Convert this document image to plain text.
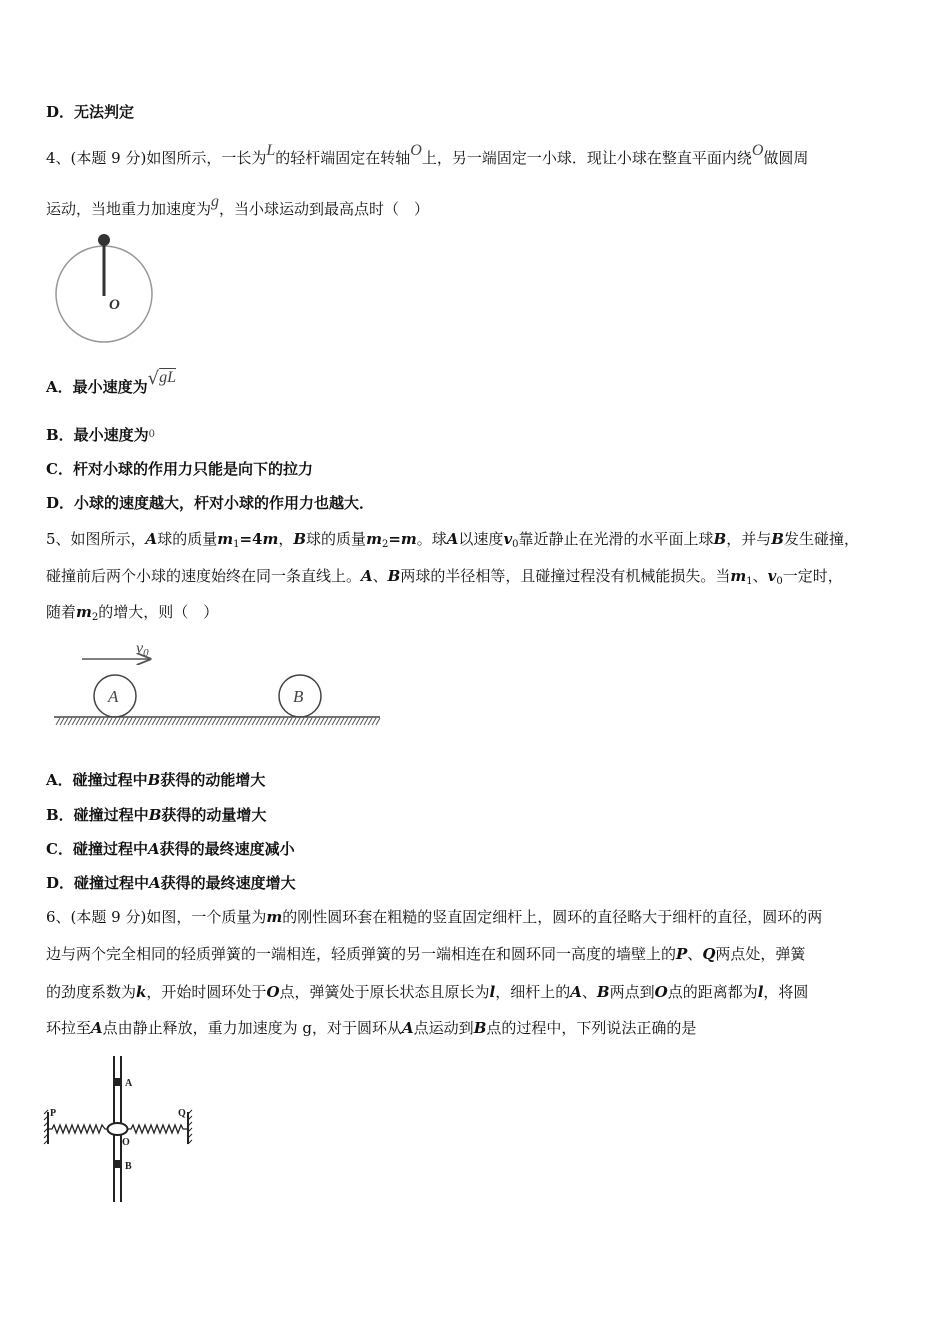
D．无法判定
4、(本题 9 分)如图所示，一长为L的轻杆端固定在转轴O上，另一端固定一小球．现让小球在整直平面内绕O做圆周
运动，当地重力加速度为g，当小球运动到最高点时（　）
O
A．最小速度为√gL
B．最小速度为$^0$
C．杆对小球的作用力只能是向下的拉力
D．小球的速度越大，杆对小球的作用力也越大．
5、如图所示，A球的质量$m_1=4m$，B球的质量$m_2=m$。球A以速度$v_0$靠近静止在光滑的水平面上球B，并与B发生碰撞，
碰撞前后两个小球的速度始终在同一条直线上。A、B两球的半径相等，且碰撞过程没有机械能损失。当$m_1$、$v_0$一定时，
随着$m_2$的增大，则（　）
v0
A	B
A．碰撞过程中B获得的动能增大
B．碰撞过程中B获得的动量增大
C．碰撞过程中A获得的最终速度减小
D．碰撞过程中A获得的最终速度增大
6、(本题 9 分)如图，一个质量为m的刚性圆环套在粗糙的竖直固定细杆上，圆环的直径略大于细杆的直径，圆环的两
边与两个完全相同的轻质弹簧的一端相连，轻质弹簧的另一端相连在和圆环同一高度的墙壁上的P、Q两点处，弹簧
的劲度系数为k，开始时圆环处于O点，弹簧处于原长状态且原长为l，细杆上的A、B两点到O点的距离都为l，将圆
环拉至A点由静止释放，重力加速度为 g，对于圆环从A点运动到B点的过程中，下列说法正确的是
A
B
O
P	Q
